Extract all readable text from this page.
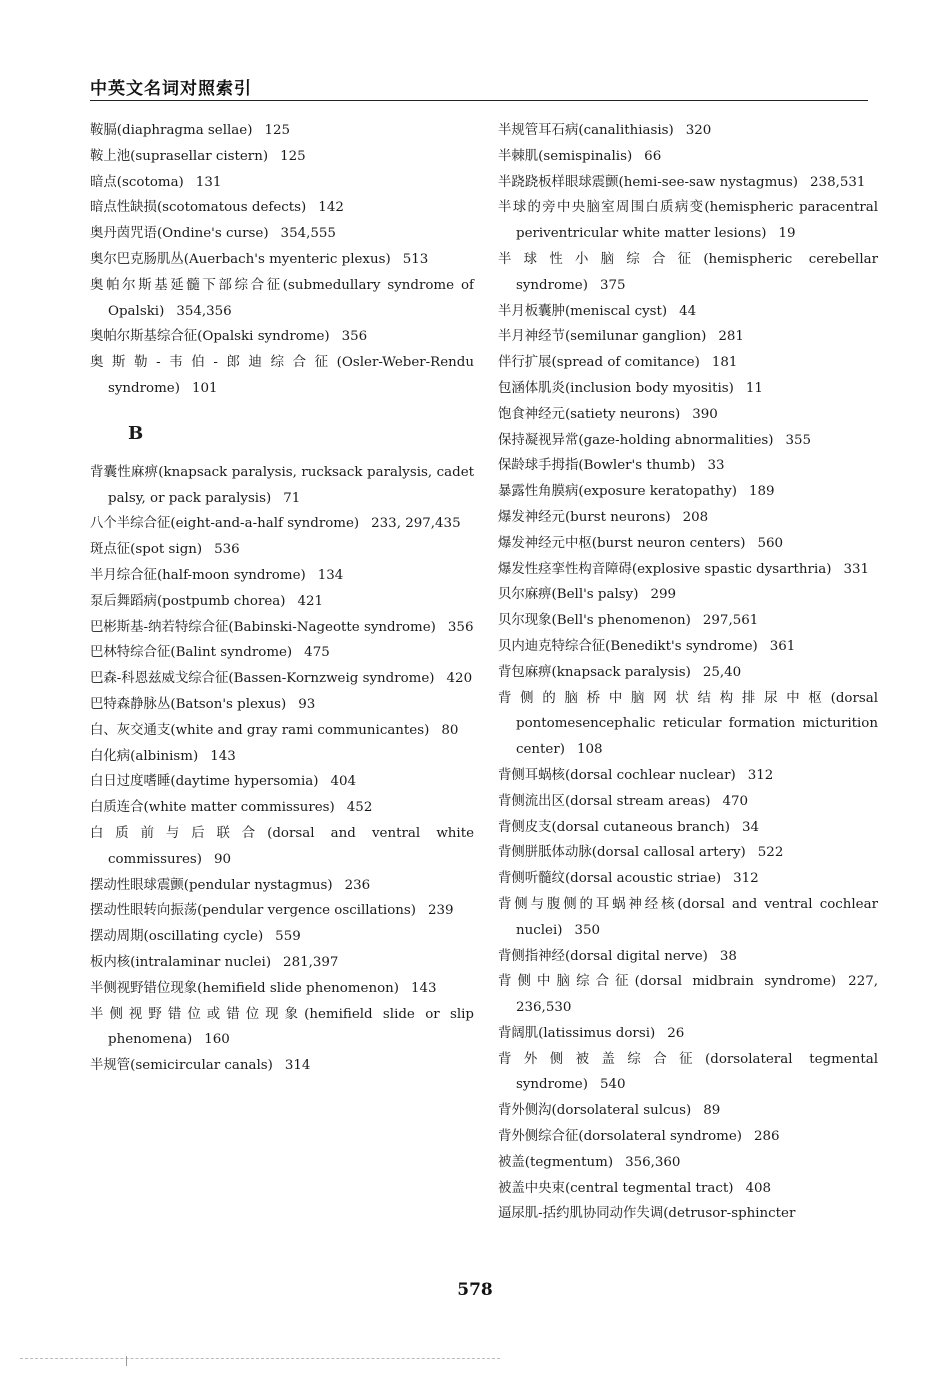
中英文名词对照索引
鞍膈(diaphragma sellae) 125
鞍上池(suprasellar cistern) 125
暗点(scotoma) 131
暗点性缺损(scotomatous defects) 142
奥丹茵咒语(Ondine's curse) 354,555
奥尔巴克肠肌丛(Auerbach's myenteric plexus) 513
奥帕尔斯基延髓下部综合征(submedullary syndrome of Opalski) 354,356
奥帕尔斯基综合征(Opalski syndrome) 356
奥斯勒-韦伯-郎迪综合征(Osler-Weber-Rendu syndrome) 101
B
背囊性麻痹(knapsack paralysis, rucksack paralysis, cadet palsy, or pack paralysis) 71
八个半综合征(eight-and-a-half syndrome) 233, 297,435
斑点征(spot sign) 536
半月综合征(half-moon syndrome) 134
泵后舞蹈病(postpumb chorea) 421
巴彬斯基-纳若特综合征(Babinski-Nageotte syndrome) 356
巴林特综合征(Balint syndrome) 475
巴森-科恩兹威戈综合征(Bassen-Kornzweig syndrome) 420
巴特森静脉丛(Batson's plexus) 93
白、灰交通支(white and gray rami communicantes) 80
白化病(albinism) 143
白日过度嗜睡(daytime hypersomia) 404
白质连合(white matter commissures) 452
白质前与后联合(dorsal and ventral white commissures) 90
摆动性眼球震颤(pendular nystagmus) 236
摆动性眼转向振荡(pendular vergence oscillations) 239
摆动周期(oscillating cycle) 559
板内核(intralaminar nuclei) 281,397
半侧视野错位现象(hemifield slide phenomenon) 143
半侧视野错位或错位现象(hemifield slide or slip phenomena) 160
半规管(semicircular canals) 314
半规管耳石病(canalithiasis) 320
半棘肌(semispinalis) 66
半跷跷板样眼球震颤(hemi-see-saw nystagmus) 238,531
半球的旁中央脑室周围白质病变(hemispheric paracentral periventricular white matter lesions) 19
半球性小脑综合征(hemispheric cerebellar syndrome) 375
半月板囊肿(meniscal cyst) 44
半月神经节(semilunar ganglion) 281
伴行扩展(spread of comitance) 181
包涵体肌炎(inclusion body myositis) 11
饱食神经元(satiety neurons) 390
保持凝视异常(gaze-holding abnormalities) 355
保龄球手拇指(Bowler's thumb) 33
暴露性角膜病(exposure keratopathy) 189
爆发神经元(burst neurons) 208
爆发神经元中枢(burst neuron centers) 560
爆发性痉挛性构音障碍(explosive spastic dysarthria) 331
贝尔麻痹(Bell's palsy) 299
贝尔现象(Bell's phenomenon) 297,561
贝内迪克特综合征(Benedikt's syndrome) 361
背包麻痹(knapsack paralysis) 25,40
背侧的脑桥中脑网状结构排尿中枢(dorsal pontomesencephalic reticular formation micturition center) 108
背侧耳蜗核(dorsal cochlear nuclear) 312
背侧流出区(dorsal stream areas) 470
背侧皮支(dorsal cutaneous branch) 34
背侧胼胝体动脉(dorsal callosal artery) 522
背侧听髓纹(dorsal acoustic striae) 312
背侧与腹侧的耳蜗神经核(dorsal and ventral cochlear nuclei) 350
背侧指神经(dorsal digital nerve) 38
背侧中脑综合征(dorsal midbrain syndrome) 227, 236,530
背阔肌(latissimus dorsi) 26
背外侧被盖综合征(dorsolateral tegmental syndrome) 540
背外侧沟(dorsolateral sulcus) 89
背外侧综合征(dorsolateral syndrome) 286
被盖(tegmentum) 356,360
被盖中央束(central tegmental tract) 408
逼尿肌-括约肌协同动作失调(detrusor-sphincter
578
